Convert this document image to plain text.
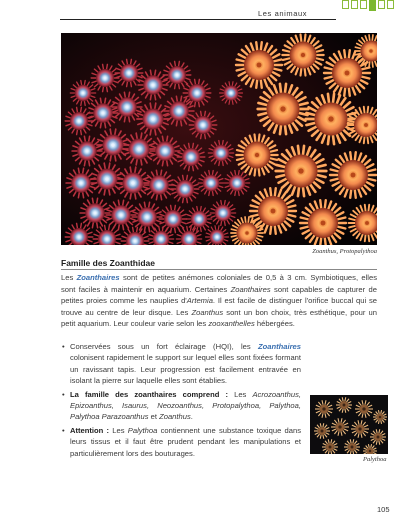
Les animaux
Zoanthus, Protopalythoa
Famille des Zoanthidae

Les Zoanthaires sont de petites anémones coloniales de 0,5 à 3 cm. Symbiotiques, elles sont faciles à maintenir en aquarium. Certaines Zoanthaires sont capables de capturer de petites proies comme les nauplies d'Artemia. Il est facile de distinguer l'orifice buccal qui se trouve au centre de leur disque. Les Zoanthus sont un bon choix, très esthétique, pour un petit aquarium. Leur couleur varie selon les zooxanthelles hébergées.

• Conservées sous un fort éclairage (HQI), les Zoanthaires colonisent rapidement le support sur lequel elles sont fixées formant un ravissant tapis. Leur progression est facilement entravée en isolant la pierre sur laquelle elles sont établies.
• La famille des zoanthaires comprend : Les Acrozoanthus, Epizoanthus, Isaurus, Neozoanthus, Protopalythoa, Palythoa, Palythoa Parazoanthus et Zoanthus.
• Attention : Les Palythoa contiennent une substance toxique dans leurs tissus et il faut être prudent pendant les manipulations et particulièrement lors des bouturages.
Palythoa
105
